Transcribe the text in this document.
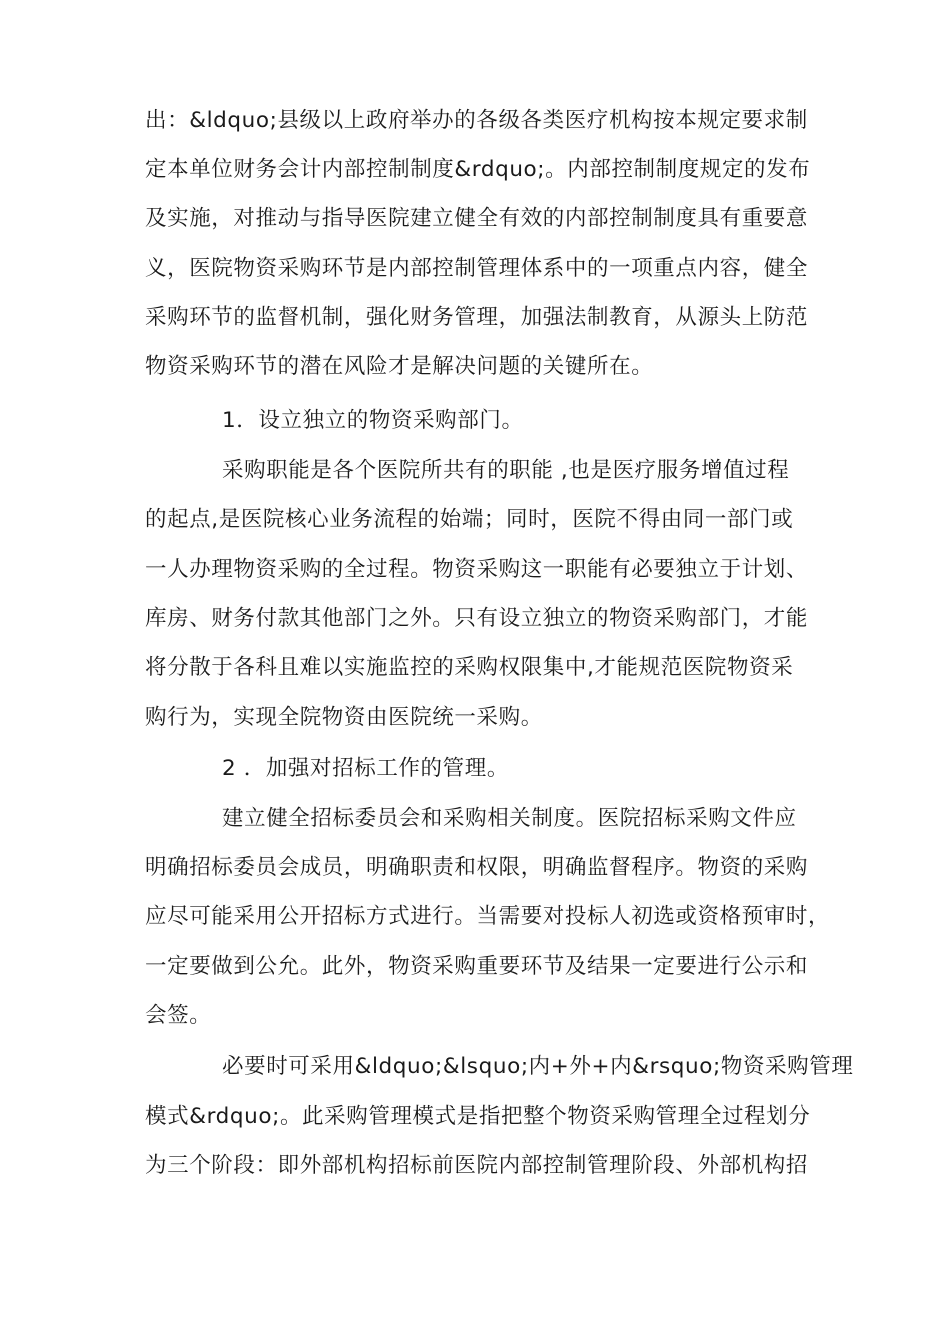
出：&ldquo;县级以上政府举办的各级各类医疗机构按本规定要求制
定本单位财务会计内部控制制度&rdquo;。内部控制制度规定的发布
及实施，对推动与指导医院建立健全有效的内部控制制度具有重要意
义，医院物资采购环节是内部控制管理体系中的一项重点内容，健全
采购环节的监督机制，强化财务管理，加强法制教育，从源头上防范
物资采购环节的潜在风险才是解决问题的关键所在。
1．设立独立的物资采购部门。
采购职能是各个医院所共有的职能 ,也是医疗服务增值过程
的起点,是医院核心业务流程的始端；同时，医院不得由同一部门或
一人办理物资采购的全过程。物资采购这一职能有必要独立于计划、
库房、财务付款其他部门之外。只有设立独立的物资采购部门，才能
将分散于各科且难以实施监控的采购权限集中,才能规范医院物资采
购行为，实现全院物资由医院统一采购。
2 ．加强对招标工作的管理。
建立健全招标委员会和采购相关制度。医院招标采购文件应
明确招标委员会成员，明确职责和权限，明确监督程序。物资的采购
应尽可能采用公开招标方式进行。当需要对投标人初选或资格预审时，
一定要做到公允。此外，物资采购重要环节及结果一定要进行公示和
会签。
必要时可采用&ldquo;&lsquo;内+外+内&rsquo;物资采购管理
模式&rdquo;。此采购管理模式是指把整个物资采购管理全过程划分
为三个阶段：即外部机构招标前医院内部控制管理阶段、外部机构招
